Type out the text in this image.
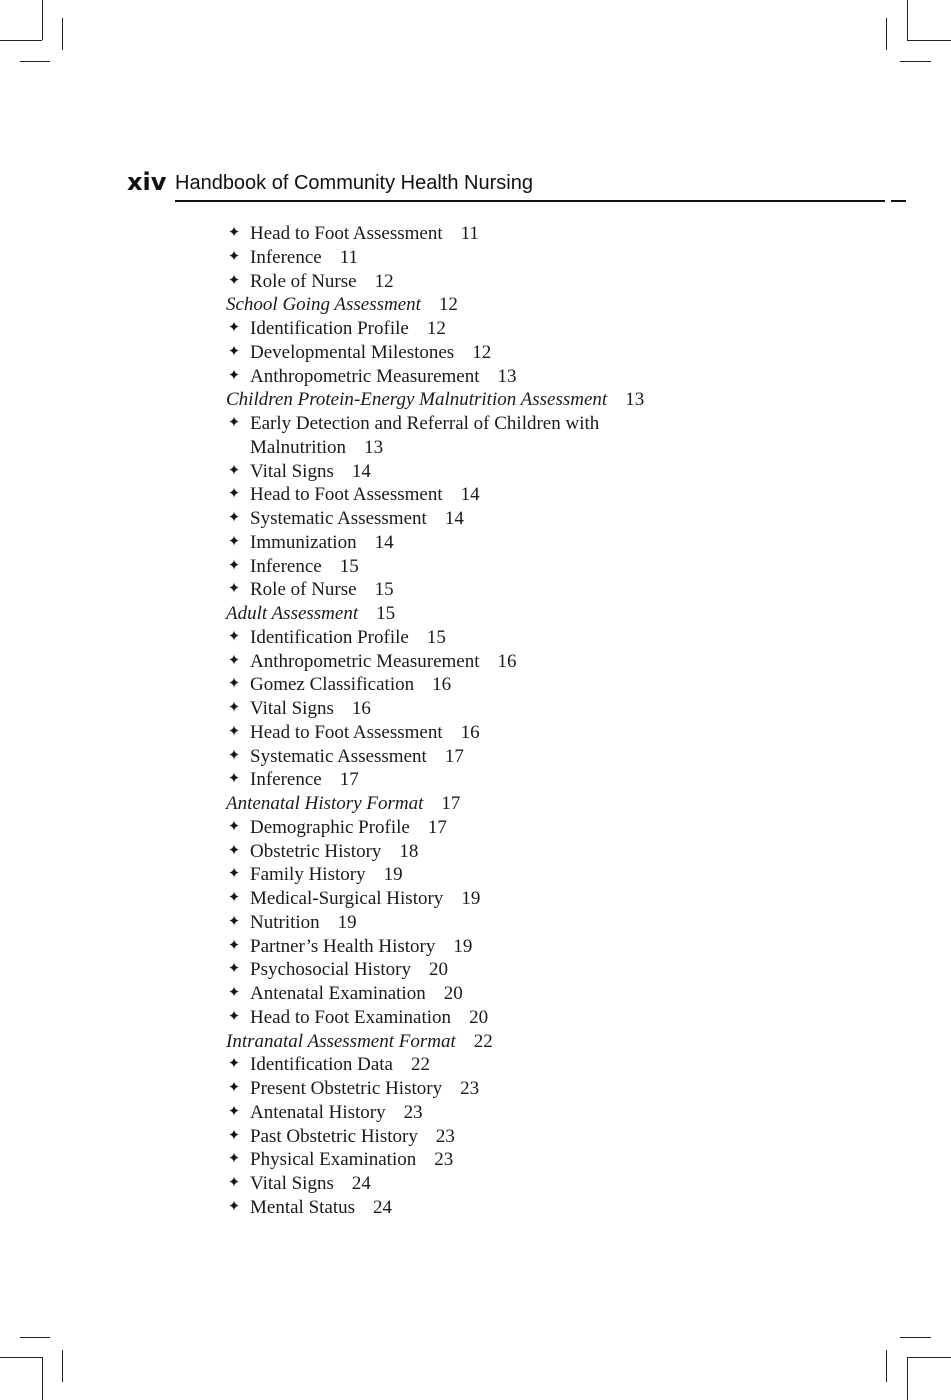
xiv Handbook of Community Health Nursing
✦ Head to Foot Assessment 11
✦ Inference 11
✦ Role of Nurse 12
School Going Assessment 12
✦ Identification Profile 12
✦ Developmental Milestones 12
✦ Anthropometric Measurement 13
Children Protein-Energy Malnutrition Assessment 13
✦ Early Detection and Referral of Children with
Malnutrition 13
✦ Vital Signs 14
✦ Head to Foot Assessment 14
✦ Systematic Assessment 14
✦ Immunization 14
✦ Inference 15
✦ Role of Nurse 15
Adult Assessment 15
✦ Identification Profile 15
✦ Anthropometric Measurement 16
✦ Gomez Classification 16
✦ Vital Signs 16
✦ Head to Foot Assessment 16
✦ Systematic Assessment 17
✦ Inference 17
Antenatal History Format 17
✦ Demographic Profile 17
✦ Obstetric History 18
✦ Family History 19
✦ Medical-Surgical History 19
✦ Nutrition 19
✦ Partner’s Health History 19
✦ Psychosocial History 20
✦ Antenatal Examination 20
✦ Head to Foot Examination 20
Intranatal Assessment Format 22
✦ Identification Data 22
✦ Present Obstetric History 23
✦ Antenatal History 23
✦ Past Obstetric History 23
✦ Physical Examination 23
✦ Vital Signs 24
✦ Mental Status 24
